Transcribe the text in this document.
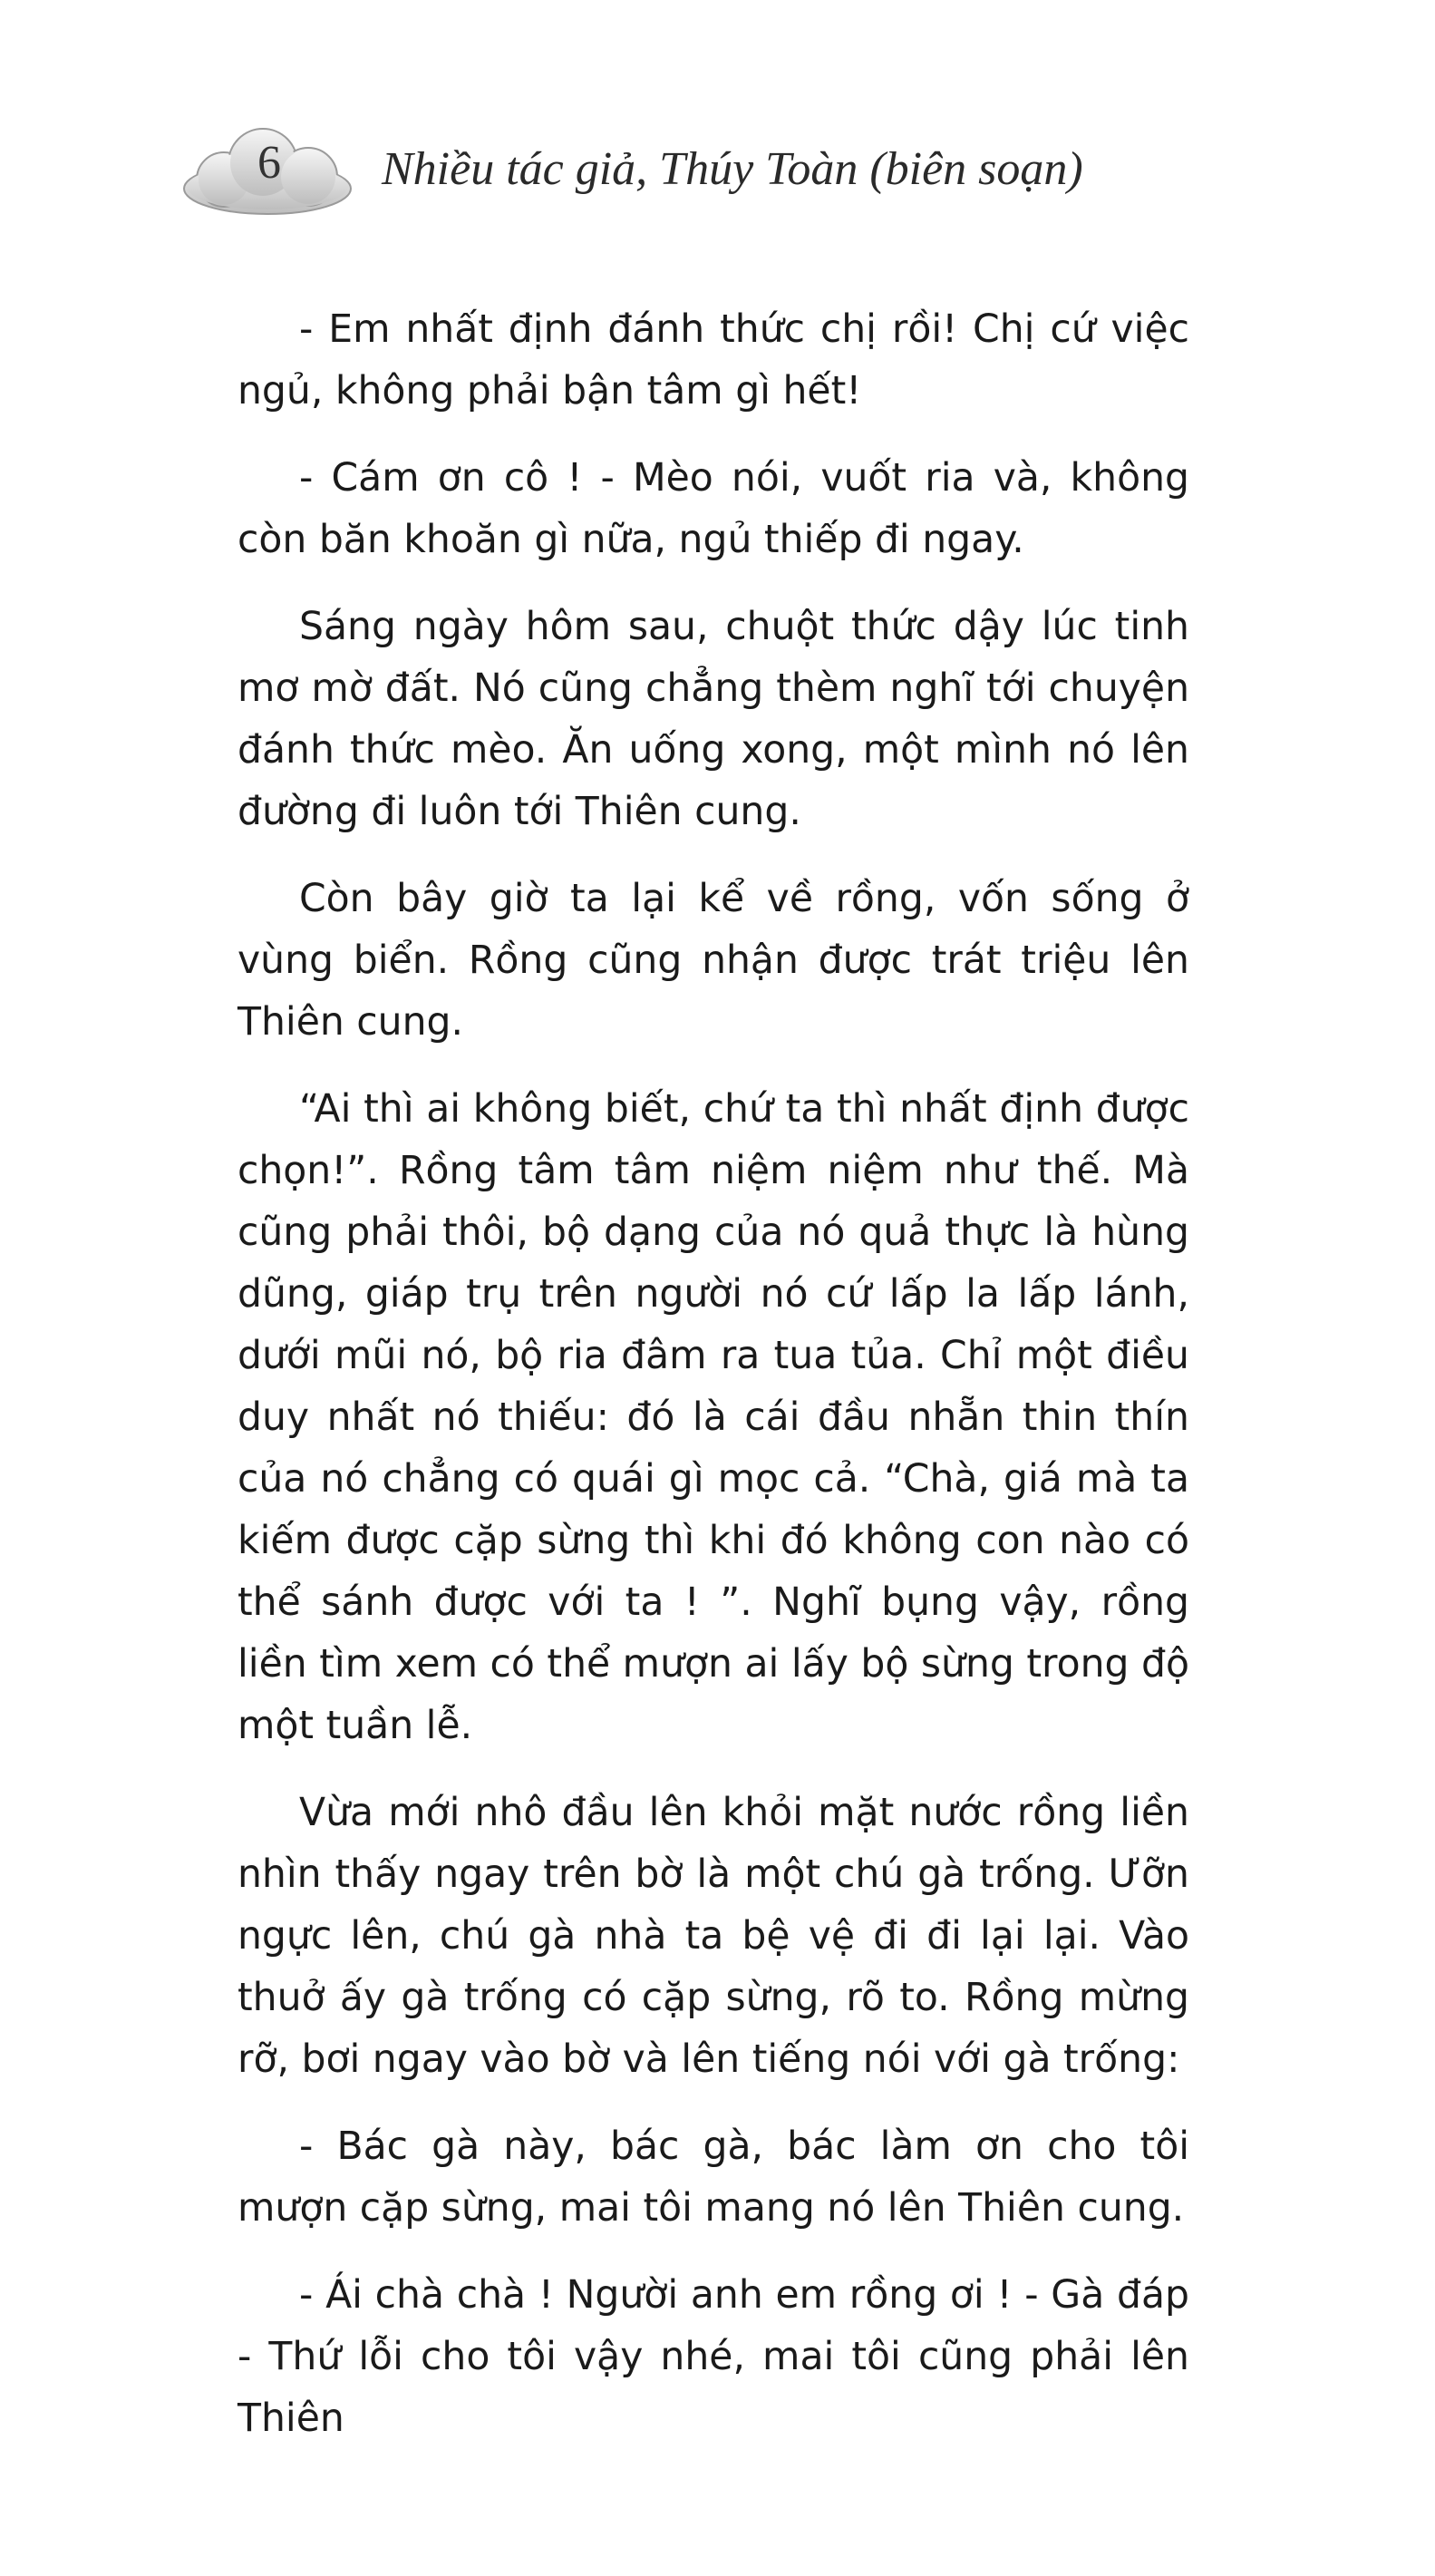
6	Nhiều tác giả, Thúy Toàn (biên soạn)

- Em nhất định đánh thức chị rồi! Chị cứ việc ngủ, không phải bận tâm gì hết!

- Cám ơn cô ! - Mèo nói, vuốt ria và, không còn băn khoăn gì nữa, ngủ thiếp đi ngay.

Sáng ngày hôm sau, chuột thức dậy lúc tinh mơ mờ đất. Nó cũng chẳng thèm nghĩ tới chuyện đánh thức mèo. Ăn uống xong, một mình nó lên đường đi luôn tới Thiên cung.

Còn bây giờ ta lại kể về rồng, vốn sống ở vùng biển. Rồng cũng nhận được trát triệu lên Thiên cung.

“Ai thì ai không biết, chứ ta thì nhất định được chọn!”. Rồng tâm tâm niệm niệm như thế. Mà cũng phải thôi, bộ dạng của nó quả thực là hùng dũng, giáp trụ trên người nó cứ lấp la lấp lánh, dưới mũi nó, bộ ria đâm ra tua tủa. Chỉ một điều duy nhất nó thiếu: đó là cái đầu nhẵn thin thín của nó chẳng có quái gì mọc cả. “Chà, giá mà ta kiếm được cặp sừng thì khi đó không con nào có thể sánh được với ta ! ”. Nghĩ bụng vậy, rồng liền tìm xem có thể mượn ai lấy bộ sừng trong độ một tuần lễ.

Vừa mới nhô đầu lên khỏi mặt nước rồng liền nhìn thấy ngay trên bờ là một chú gà trống. Ưỡn ngực lên, chú gà nhà ta bệ vệ đi đi lại lại. Vào thuở ấy gà trống có cặp sừng, rõ to. Rồng mừng rỡ, bơi ngay vào bờ và lên tiếng nói với gà trống:

- Bác gà này, bác gà, bác làm ơn cho tôi mượn cặp sừng, mai tôi mang nó lên Thiên cung.

- Ái chà chà ! Người anh em rồng ơi ! - Gà đáp - Thứ lỗi cho tôi vậy nhé, mai tôi cũng phải lên Thiên
